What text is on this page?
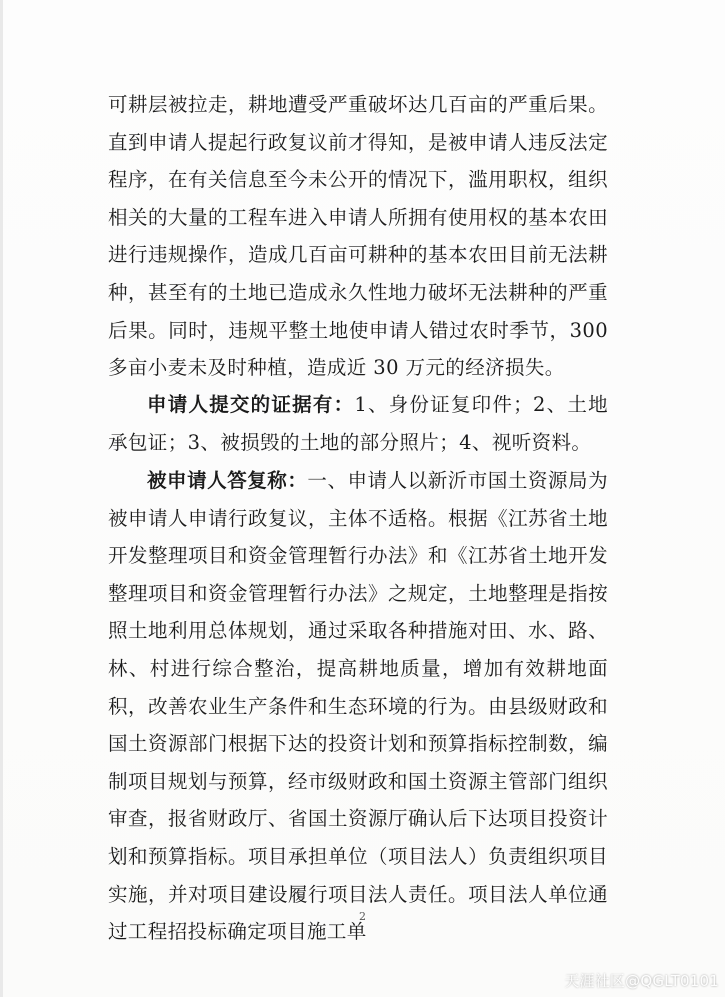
可耕层被拉走，耕地遭受严重破坏达几百亩的严重后果。直到申请人提起行政复议前才得知，是被申请人违反法定程序，在有关信息至今未公开的情况下，滥用职权，组织相关的大量的工程车进入申请人所拥有使用权的基本农田进行违规操作，造成几百亩可耕种的基本农田目前无法耕种，甚至有的土地已造成永久性地力破坏无法耕种的严重后果。同时，违规平整土地使申请人错过农时季节，300 多亩小麦未及时种植，造成近 30 万元的经济损失。

申请人提交的证据有：1、身份证复印件；2、土地承包证；3、被损毁的土地的部分照片；4、视听资料。

被申请人答复称：一、申请人以新沂市国土资源局为被申请人申请行政复议，主体不适格。根据《江苏省土地开发整理项目和资金管理暂行办法》和《江苏省土地开发整理项目和资金管理暂行办法》之规定，土地整理是指按照土地利用总体规划，通过采取各种措施对田、水、路、林、村进行综合整治，提高耕地质量，增加有效耕地面积，改善农业生产条件和生态环境的行为。由县级财政和国土资源部门根据下达的投资计划和预算指标控制数，编制项目规划与预算，经市级财政和国土资源主管部门组织审查，报省财政厅、省国土资源厅确认后下达项目投资计划和预算指标。项目承担单位（项目法人）负责组织项目实施，并对项目建设履行项目法人责任。项目法人单位通过工程招投标确定项目施工单

2
天涯社区@QGLT0101
